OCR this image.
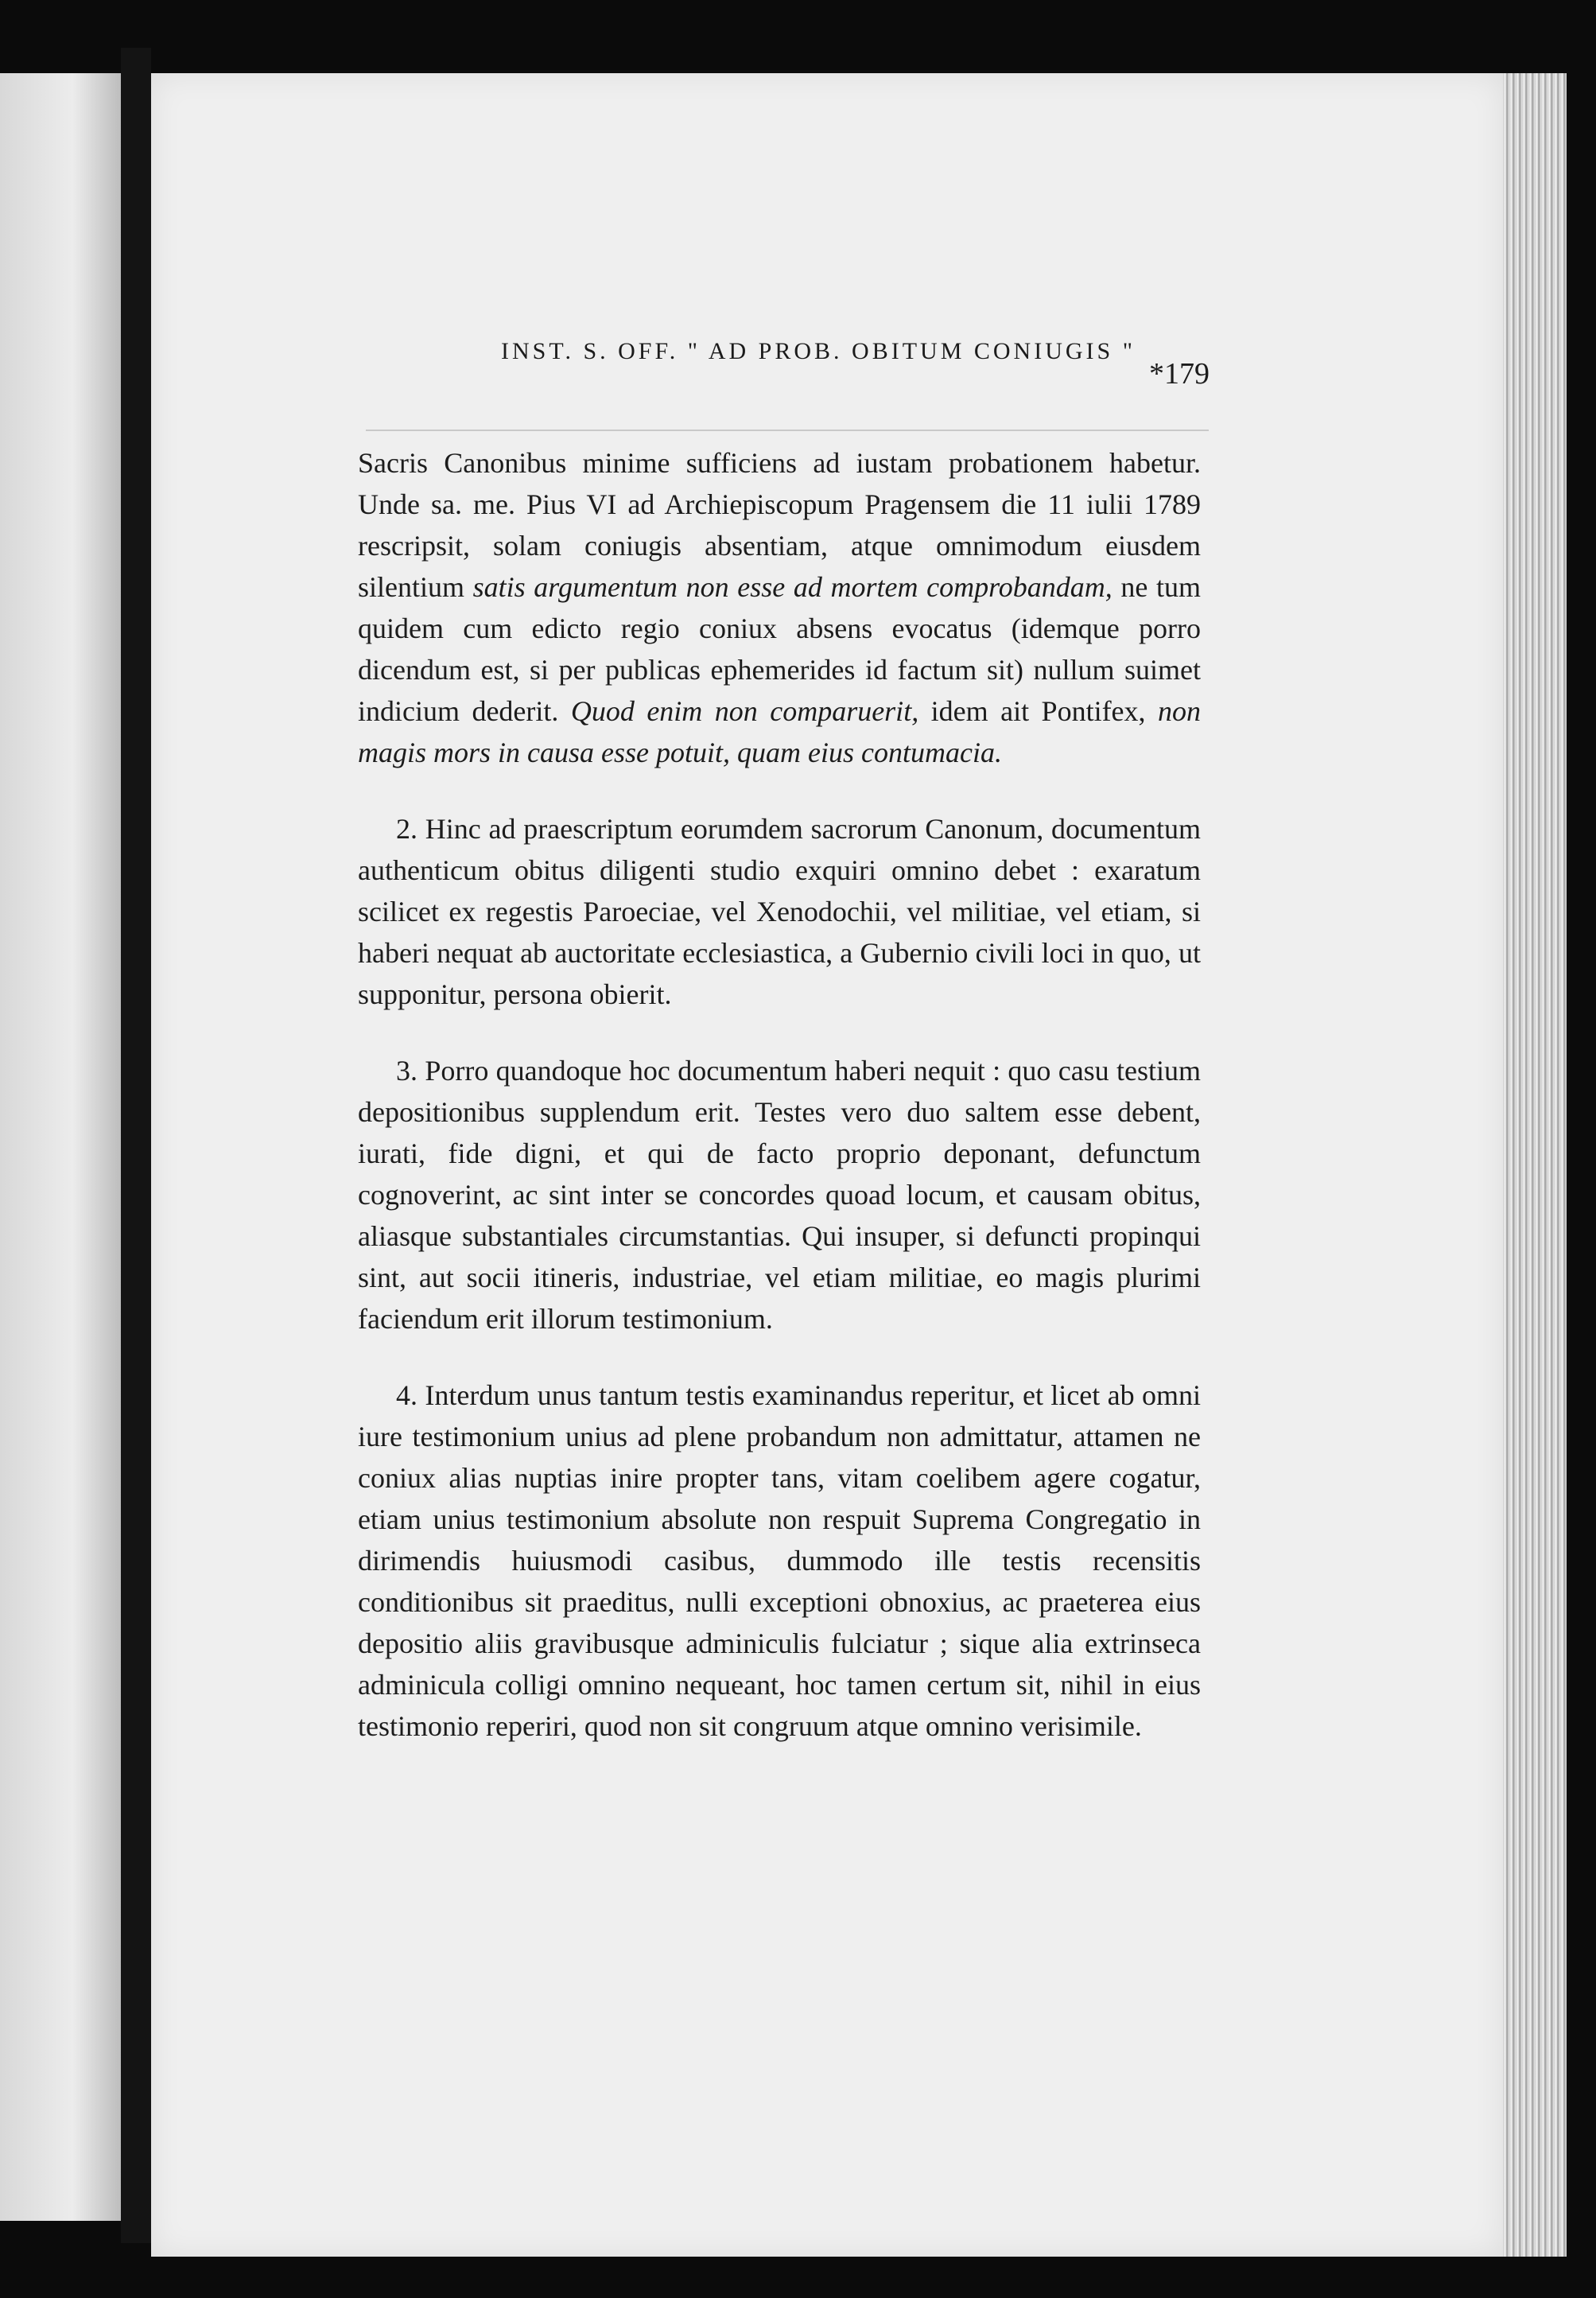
INST. S. OFF. " AD PROB. OBITUM CONIUGIS "
*179

Sacris Canonibus minime sufficiens ad iustam probationem habetur. Unde sa. me. Pius VI ad Archiepiscopum Pragensem die 11 iulii 1789 rescripsit, solam coniugis absentiam, atque omnimodum eiusdem silentium satis argumentum non esse ad mortem comprobandam, ne tum quidem cum edicto regio coniux absens evocatus (idemque porro dicendum est, si per publicas ephemerides id factum sit) nullum suimet indicium dederit. Quod enim non comparuerit, idem ait Pontifex, non magis mors in causa esse potuit, quam eius contumacia.

2. Hinc ad praescriptum eorumdem sacrorum Canonum, documentum authenticum obitus diligenti studio exquiri omnino debet : exaratum scilicet ex regestis Paroeciae, vel Xenodochii, vel militiae, vel etiam, si haberi nequat ab auctoritate ecclesiastica, a Gubernio civili loci in quo, ut supponitur, persona obierit.

3. Porro quandoque hoc documentum haberi nequit : quo casu testium depositionibus supplendum erit. Testes vero duo saltem esse debent, iurati, fide digni, et qui de facto proprio deponant, defunctum cognoverint, ac sint inter se concordes quoad locum, et causam obitus, aliasque substantiales circumstantias. Qui insuper, si defuncti propinqui sint, aut socii itineris, industriae, vel etiam militiae, eo magis plurimi faciendum erit illorum testimonium.

4. Interdum unus tantum testis examinandus reperitur, et licet ab omni iure testimonium unius ad plene probandum non admittatur, attamen ne coniux alias nuptias inire propter tans, vitam coelibem agere cogatur, etiam unius testimonium absolute non respuit Suprema Congregatio in dirimendis huiusmodi casibus, dummodo ille testis recensitis conditionibus sit praeditus, nulli exceptioni obnoxius, ac praeterea eius depositio aliis gravibusque adminiculis fulciatur ; sique alia extrinseca adminicula colligi omnino nequeant, hoc tamen certum sit, nihil in eius testimonio reperiri, quod non sit congruum atque omnino verisimile.
